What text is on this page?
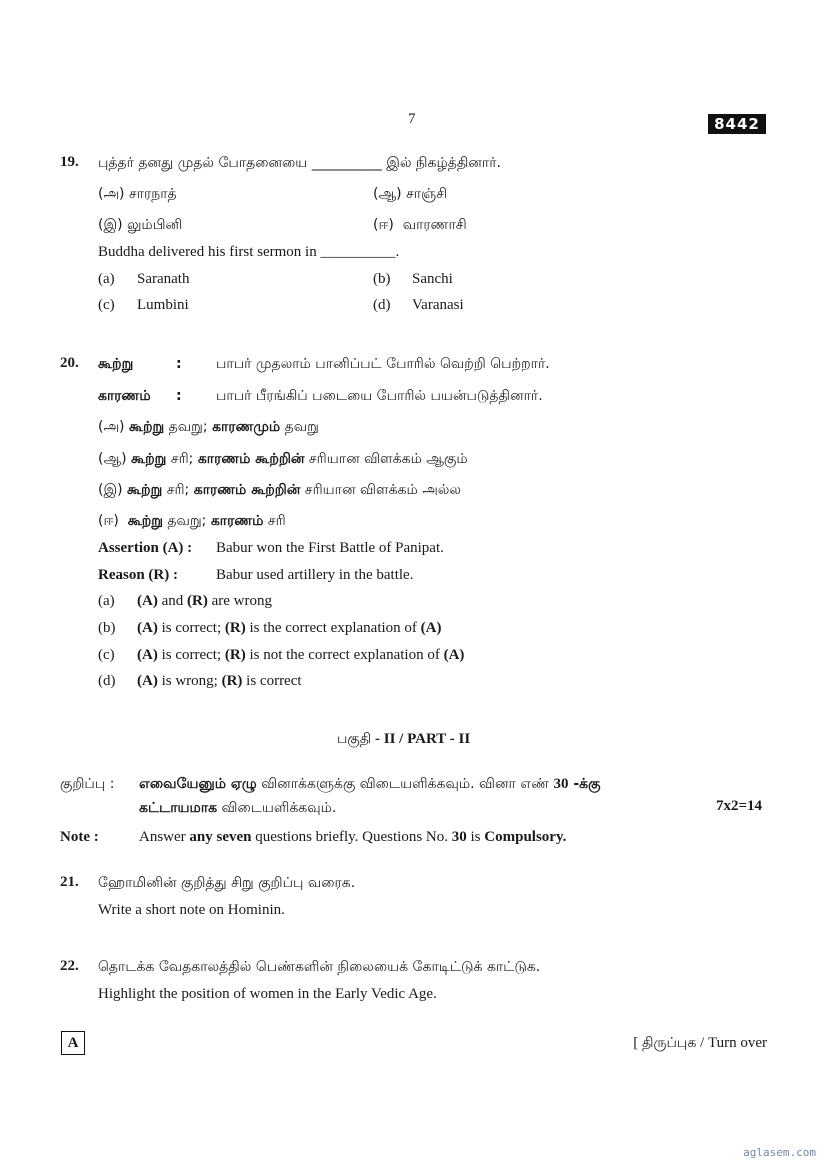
7	8442
19. புத்தர் தனது முதல் போதனையை __________ இல் நிகழ்த்தினார்.
(அ) சாரநாத்	(ஆ) சாஞ்சி
(இ) லும்பினி	(ஈ) வாரணாசி
Buddha delivered his first sermon in __________.
(a) Saranath	(b) Sanchi
(c) Lumbini	(d) Varanasi
20. கூற்று	: பாபர் முதலாம் பானிப்பட் போரில் வெற்றி பெற்றார்.
காரணம் : பாபர் பீரங்கிப் படையை போரில் பயன்படுத்தினார்.
(அ) கூற்று தவறு; காரணமும் தவறு
(ஆ) கூற்று சரி; காரணம் கூற்றின் சரியான விளக்கம் ஆகும்
(இ) கூற்று சரி; காரணம் கூற்றின் சரியான விளக்கம் அல்ல
(ஈ) கூற்று தவறு; காரணம் சரி
Assertion (A) : Babur won the First Battle of Panipat.
Reason (R) :	Babur used artillery in the battle.
(a) (A) and (R) are wrong
(b) (A) is correct; (R) is the correct explanation of (A)
(c) (A) is correct; (R) is not the correct explanation of (A)
(d) (A) is wrong; (R) is correct
பகுதி - II / PART - II
குறிப்பு : எவையேனும் ஏழு வினாக்களுக்கு விடையளிக்கவும். வினா எண் 30 -க்கு
கட்டாயமாக விடையளிக்கவும்.	7x2=14
Note :	Answer any seven questions briefly. Questions No. 30 is Compulsory.
21. ஹோமினின் குறித்து சிறு குறிப்பு வரைக.
Write a short note on Hominin.
22. தொடக்க வேதகாலத்தில் பெண்களின் நிலையைக் கோடிட்டுக் காட்டுக.
Highlight the position of women in the Early Vedic Age.
A	[ திருப்புக / Turn over
aglasem.com
